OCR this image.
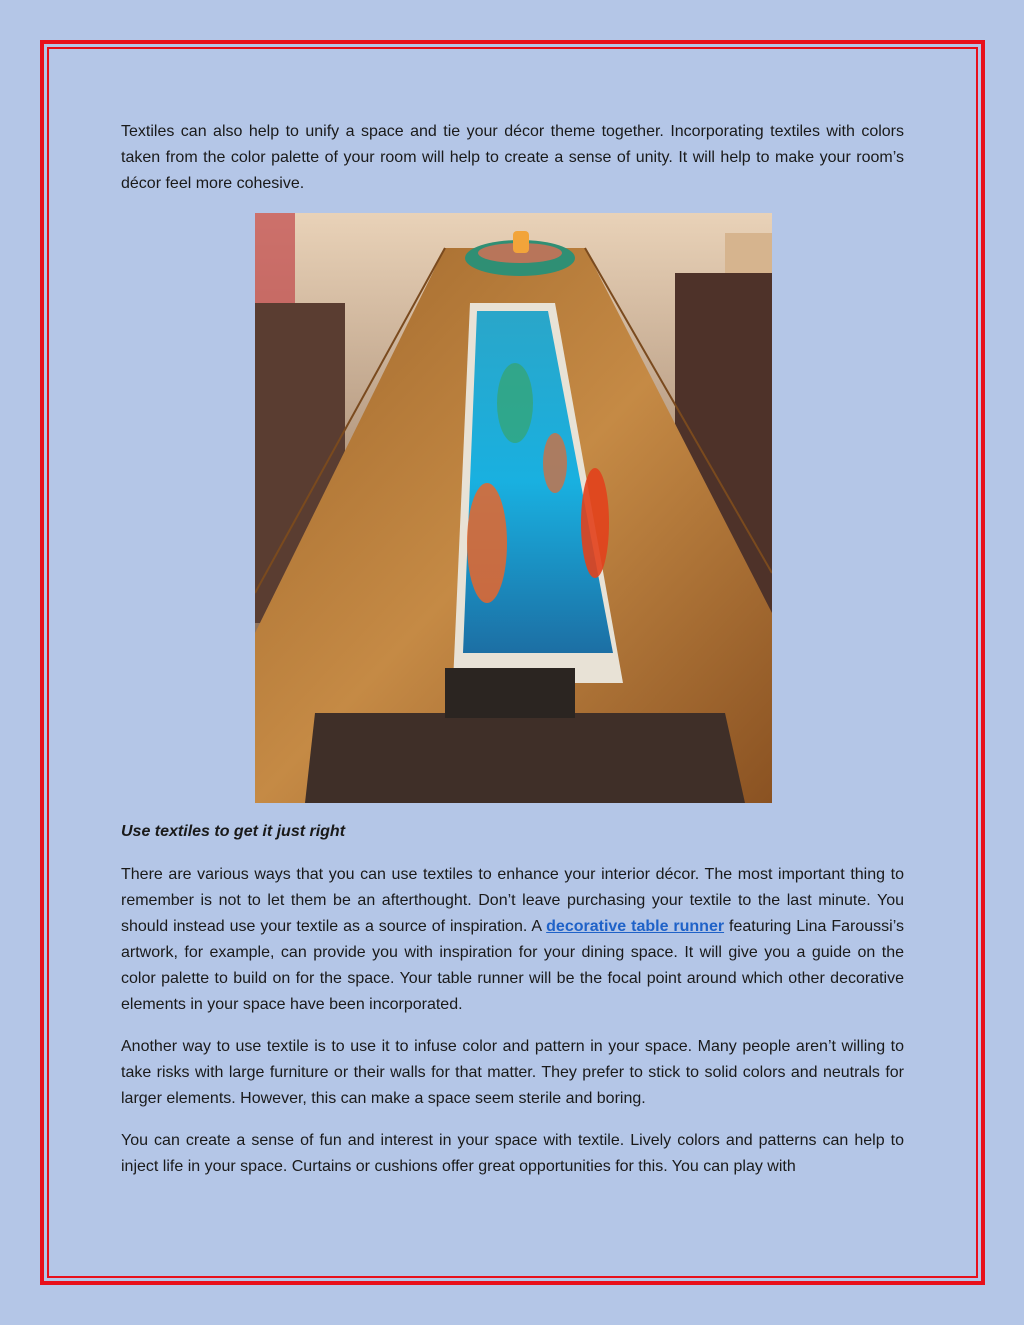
Textiles can also help to unify a space and tie your décor theme together. Incorporating textiles with colors taken from the color palette of your room will help to create a sense of unity. It will help to make your room’s décor feel more cohesive.

Use textiles to get it just right

There are various ways that you can use textiles to enhance your interior décor. The most important thing to remember is not to let them be an afterthought. Don’t leave purchasing your textile to the last minute. You should instead use your textile as a source of inspiration. A decorative table runner featuring Lina Faroussi’s artwork, for example, can provide you with inspiration for your dining space. It will give you a guide on the color palette to build on for the space. Your table runner will be the focal point around which other decorative elements in your space have been incorporated.

Another way to use textile is to use it to infuse color and pattern in your space. Many people aren’t willing to take risks with large furniture or their walls for that matter. They prefer to stick to solid colors and neutrals for larger elements. However, this can make a space seem sterile and boring.

You can create a sense of fun and interest in your space with textile. Lively colors and patterns can help to inject life in your space. Curtains or cushions offer great opportunities for this. You can play with
